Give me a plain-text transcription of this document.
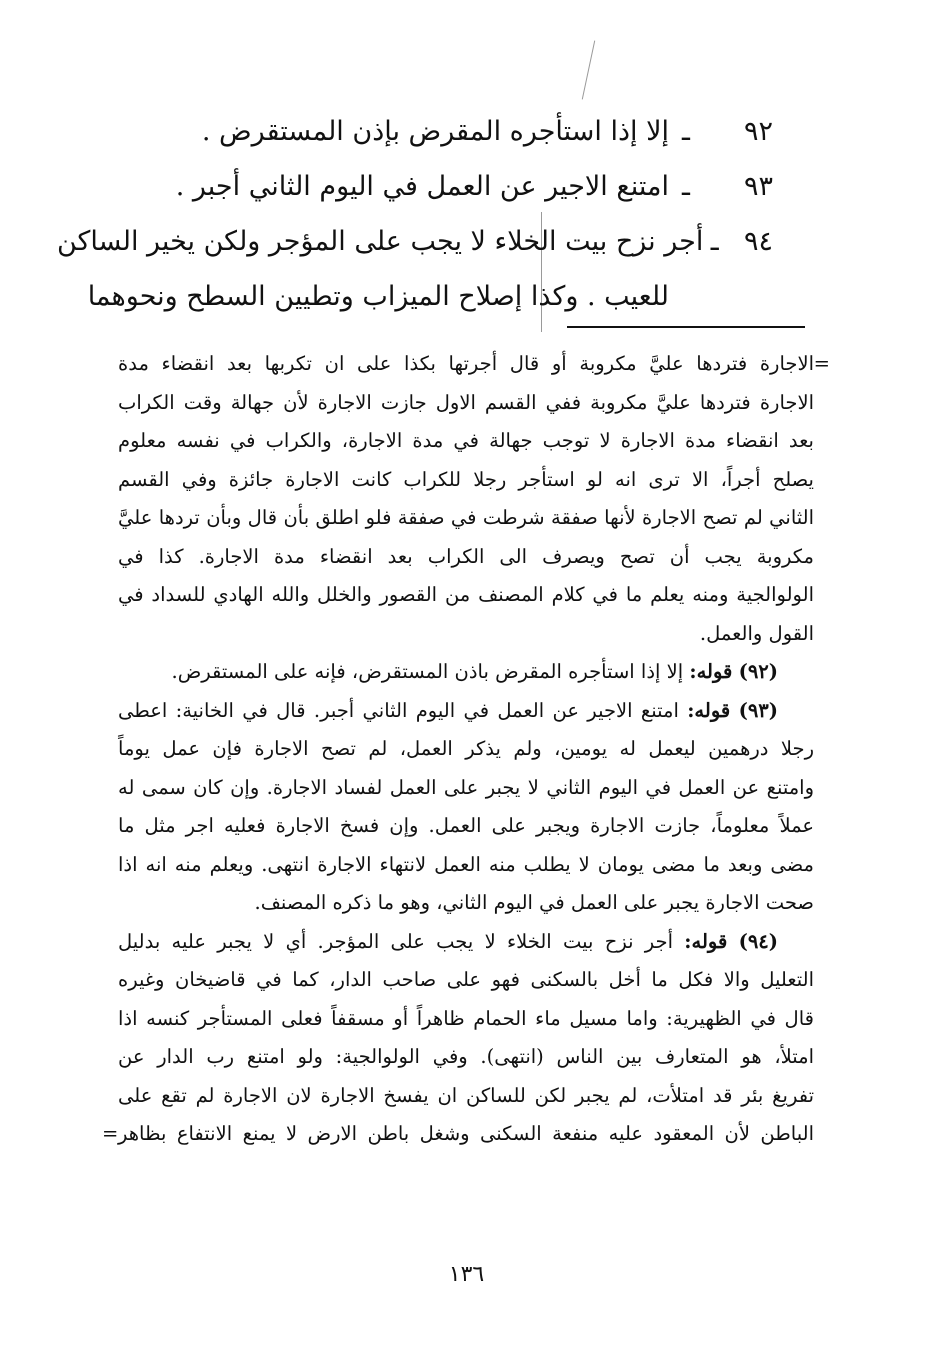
٩٢
ـ
إلا إذا استأجره المقرض بإذن المستقرض .
٩٣
ـ
امتنع الاجير عن العمل في اليوم الثاني أجبر .
٩٤
ـ
أجر نزح بيت الخلاء لا يجب على المؤجر ولكن يخير الساكن
للعيب . وكذا إصلاح الميزاب وتطيين السطح ونحوهما
=
الاجارة فتردها عليَّ مكروبة أو قال أجرتها بكذا على ان تكربها بعد انقضاء مدة
الاجارة فتردها عليَّ مكروبة ففي القسم الاول جازت الاجارة لأن جهالة وقت الكراب
بعد انقضاء مدة الاجارة لا توجب جهالة في مدة الاجارة، والكراب في نفسه معلوم
يصلح أجراً، الا ترى انه لو استأجر رجلا للكراب كانت الاجارة جائزة وفي القسم
الثاني لم تصح الاجارة لأنها صفقة شرطت في صفقة فلو اطلق بأن قال وبأن تردها عليَّ
مكروبة يجب أن تصح ويصرف الى الكراب بعد انقضاء مدة الاجارة. كذا في
الولوالجية ومنه يعلم ما في كلام المصنف من القصور والخلل والله الهادي للسداد في
القول والعمل.
(٩٢) قوله: إلا إذا استأجره المقرض باذن المستقرض، فإنه على المستقرض.
(٩٣) قوله: امتنع الاجير عن العمل في اليوم الثاني أجبر. قال في الخانية: اعطى
رجلا درهمين ليعمل له يومين، ولم يذكر العمل، لم تصح الاجارة فإن عمل يوماً
وامتنع عن العمل في اليوم الثاني لا يجبر على العمل لفساد الاجارة. وإن كان سمى له
عملاً معلوماً، جازت الاجارة ويجبر على العمل. وإن فسخ الاجارة فعليه اجر مثل ما
مضى وبعد ما مضى يومان لا يطلب منه العمل لانتهاء الاجارة انتهى. ويعلم منه انه اذا
صحت الاجارة يجبر على العمل في اليوم الثاني، وهو ما ذكره المصنف.
(٩٤) قوله: أجر نزح بيت الخلاء لا يجب على المؤجر. أي لا يجبر عليه بدليل
التعليل والا فكل ما أخل بالسكنى فهو على صاحب الدار، كما في قاضيخان وغيره
قال في الظهيرية: واما مسيل ماء الحمام ظاهراً أو مسقفاً فعلى المستأجر كنسه اذا
امتلأ، هو المتعارف بين الناس (انتهى). وفي الولوالجية: ولو امتنع رب الدار عن
تفريغ بئر قد امتلأت، لم يجبر لكن للساكن ان يفسخ الاجارة لان الاجارة لم تقع على
الباطن لأن المعقود عليه منفعة السكنى وشغل باطن الارض لا يمنع الانتفاع بظاهر
=
١٣٦
